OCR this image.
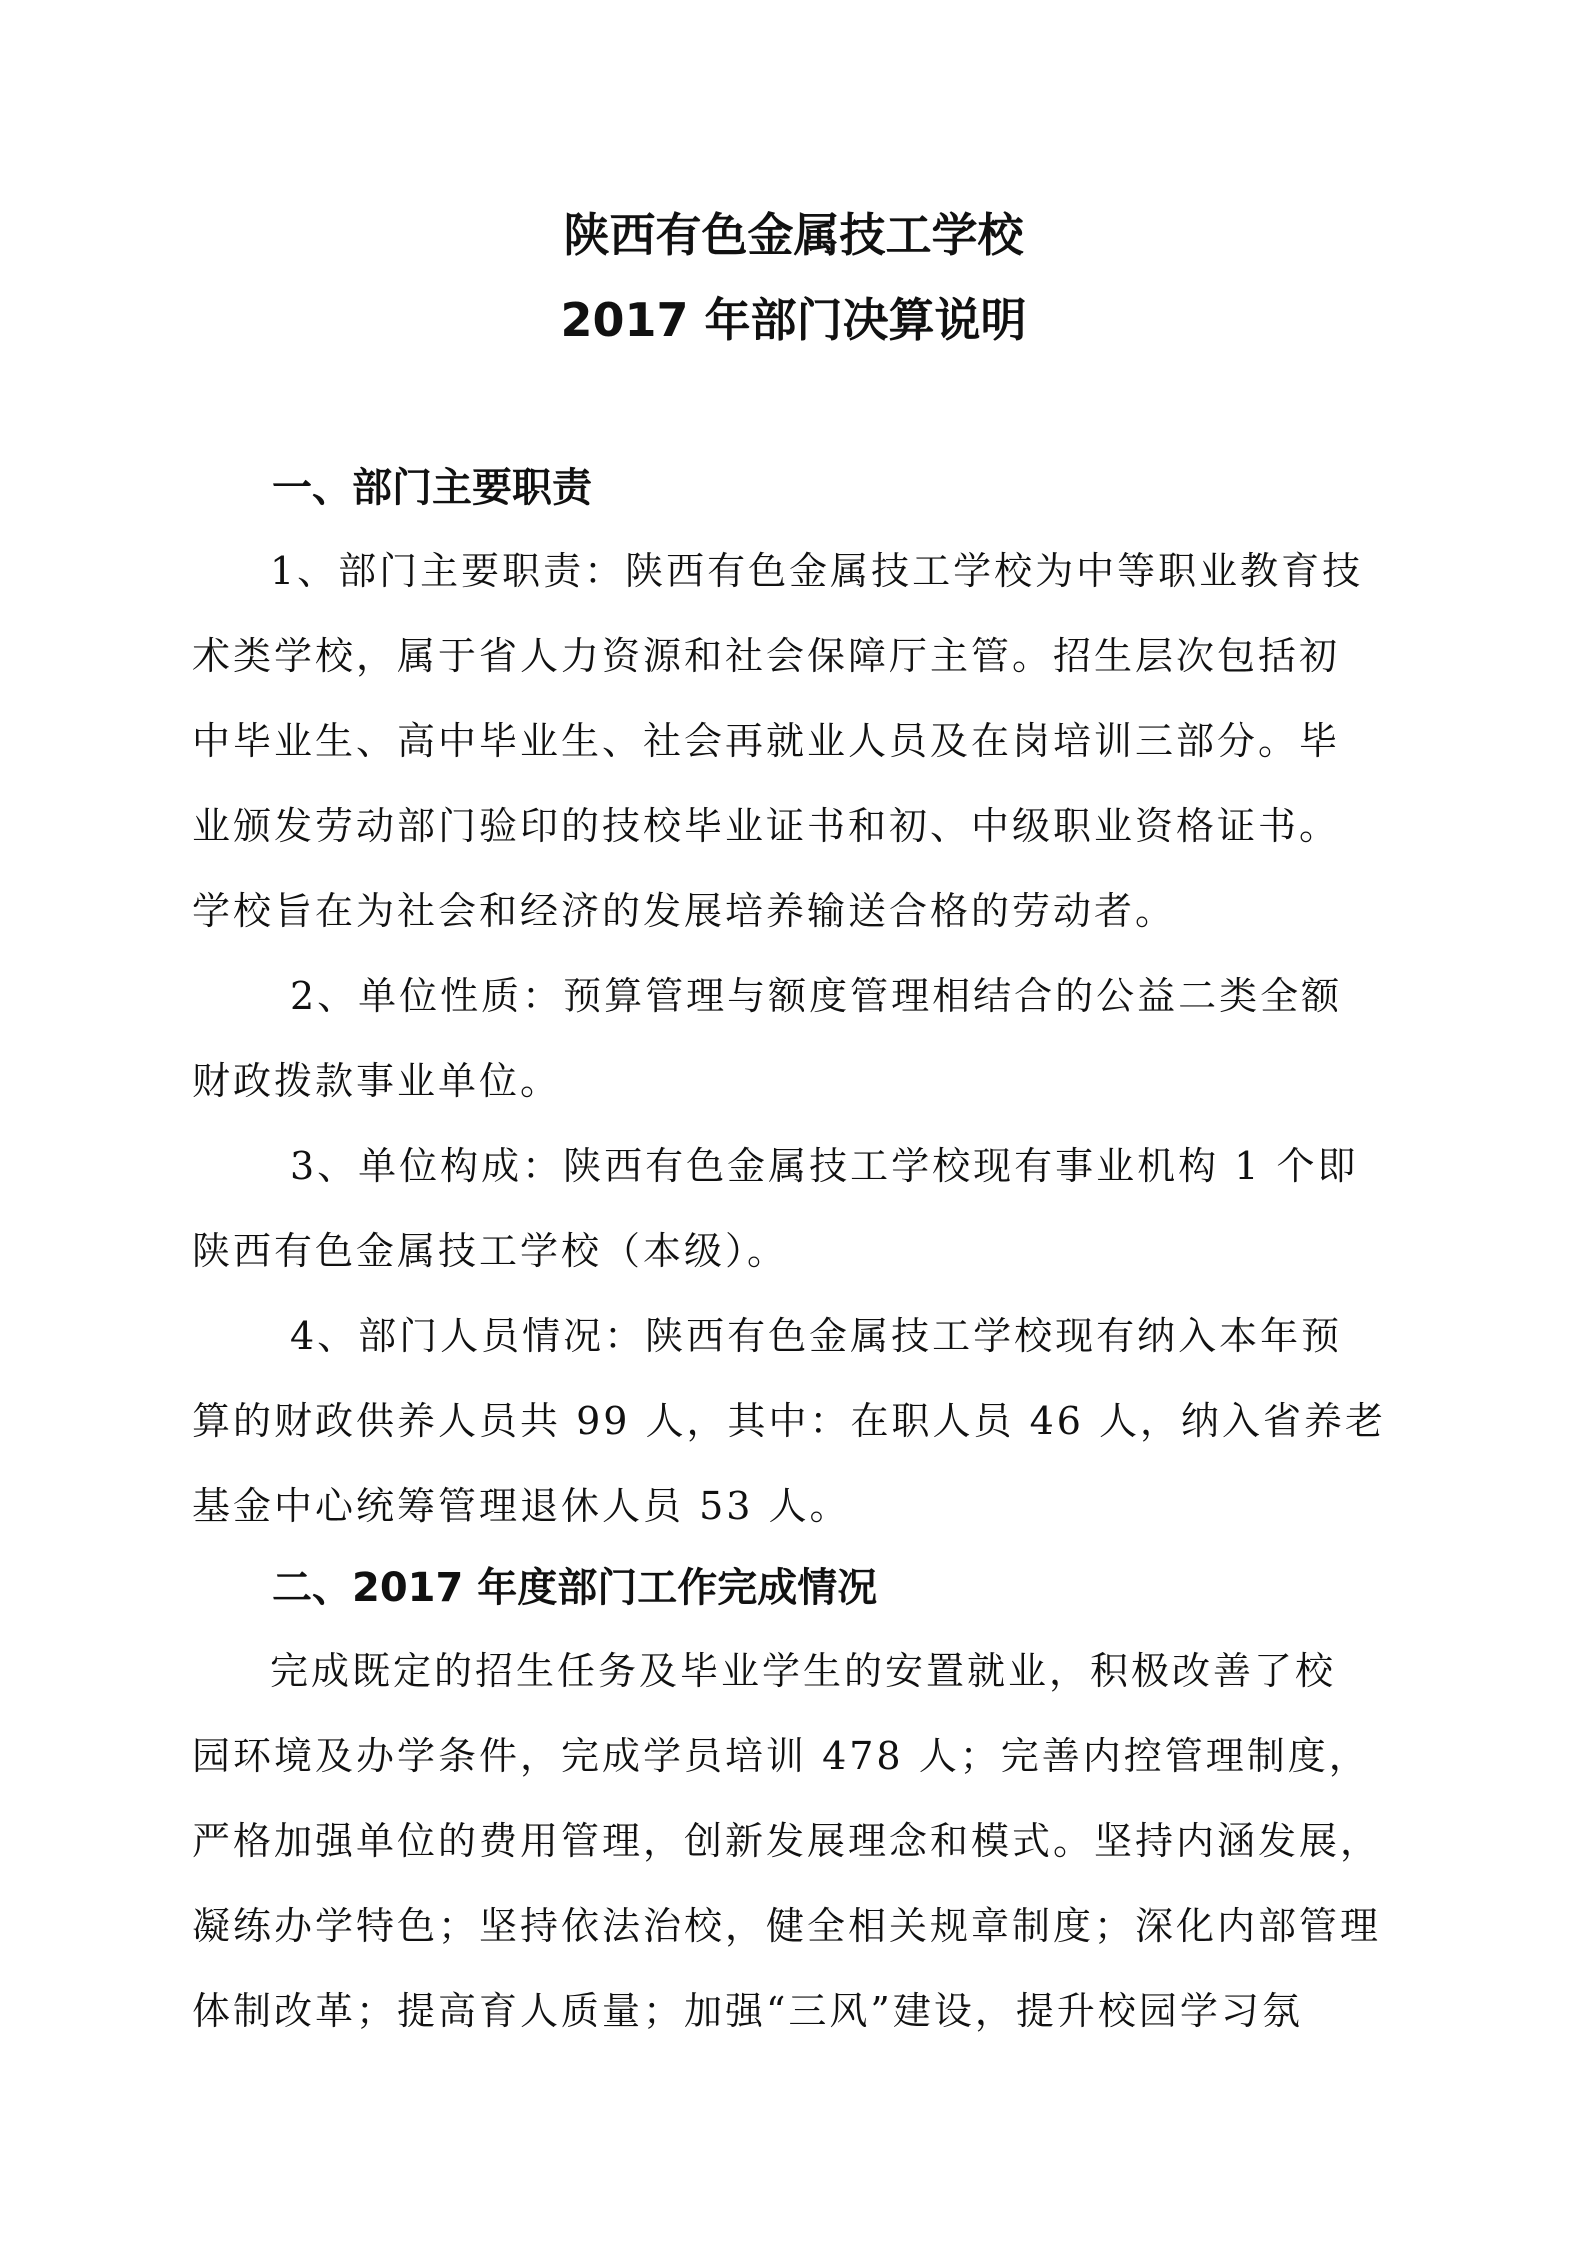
陕西有色金属技工学校
2017 年部门决算说明
一、部门主要职责
1、部门主要职责：陕西有色金属技工学校为中等职业教育技
术类学校，属于省人力资源和社会保障厅主管。招生层次包括初
中毕业生、高中毕业生、社会再就业人员及在岗培训三部分。毕
业颁发劳动部门验印的技校毕业证书和初、中级职业资格证书。
学校旨在为社会和经济的发展培养输送合格的劳动者。
2、单位性质：预算管理与额度管理相结合的公益二类全额
财政拨款事业单位。
3、单位构成：陕西有色金属技工学校现有事业机构 1 个即
陕西有色金属技工学校（本级）。
4、部门人员情况：陕西有色金属技工学校现有纳入本年预
算的财政供养人员共 99 人，其中：在职人员 46 人，纳入省养老
基金中心统筹管理退休人员 53 人。
二、2017 年度部门工作完成情况
完成既定的招生任务及毕业学生的安置就业，积极改善了校
园环境及办学条件，完成学员培训 478 人；完善内控管理制度，
严格加强单位的费用管理，创新发展理念和模式。坚持内涵发展，
凝练办学特色；坚持依法治校，健全相关规章制度；深化内部管理
体制改革；提高育人质量；加强“三风”建设，提升校园学习氛
